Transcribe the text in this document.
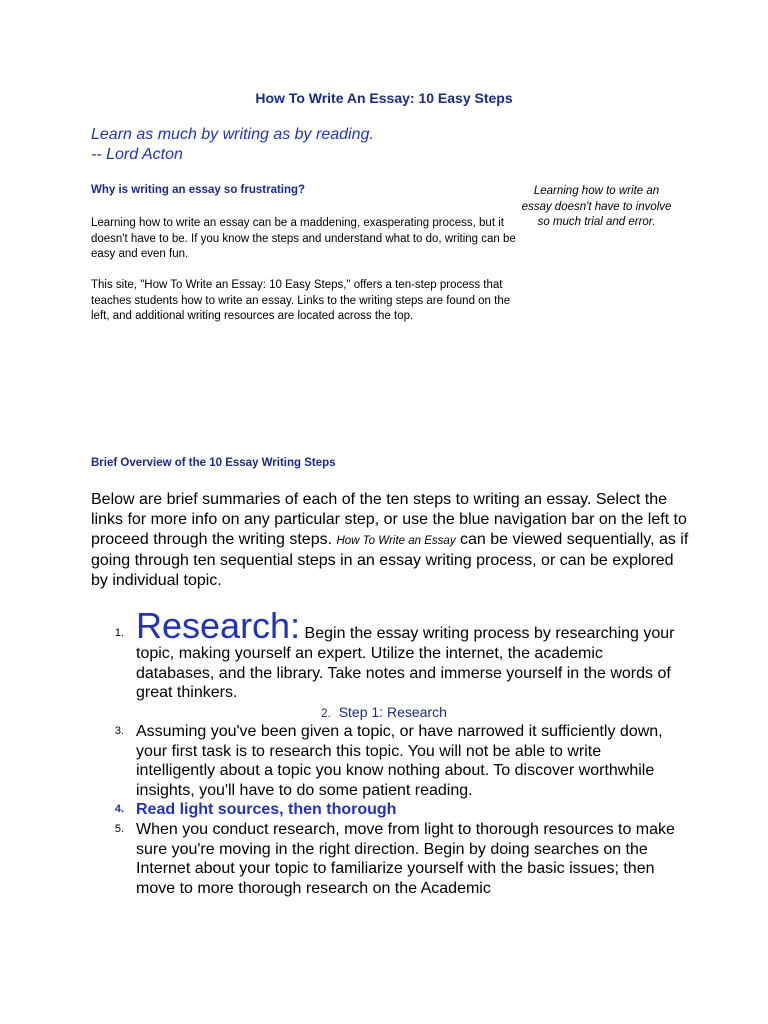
How To Write An Essay: 10 Easy Steps
Learn as much by writing as by reading.
-- Lord Acton
Why is writing an essay so frustrating?
Learning how to write an essay can be a maddening, exasperating process, but it doesn't have to be. If you know the steps and understand what to do, writing can be easy and even fun.
This site, "How To Write an Essay: 10 Easy Steps," offers a ten-step process that teaches students how to write an essay. Links to the writing steps are found on the left, and additional writing resources are located across the top.
Learning how to write an essay doesn't have to involve so much trial and error.
Brief Overview of the 10 Essay Writing Steps
Below are brief summaries of each of the ten steps to writing an essay. Select the links for more info on any particular step, or use the blue navigation bar on the left to proceed through the writing steps. How To Write an Essay can be viewed sequentially, as if going through ten sequential steps in an essay writing process, or can be explored by individual topic.
1. Research: Begin the essay writing process by researching your topic, making yourself an expert. Utilize the internet, the academic databases, and the library. Take notes and immerse yourself in the words of great thinkers.
2. Step 1: Research
3. Assuming you've been given a topic, or have narrowed it sufficiently down, your first task is to research this topic. You will not be able to write intelligently about a topic you know nothing about. To discover worthwhile insights, you'll have to do some patient reading.
4. Read light sources, then thorough
5. When you conduct research, move from light to thorough resources to make sure you're moving in the right direction. Begin by doing searches on the Internet about your topic to familiarize yourself with the basic issues; then move to more thorough research on the Academic
